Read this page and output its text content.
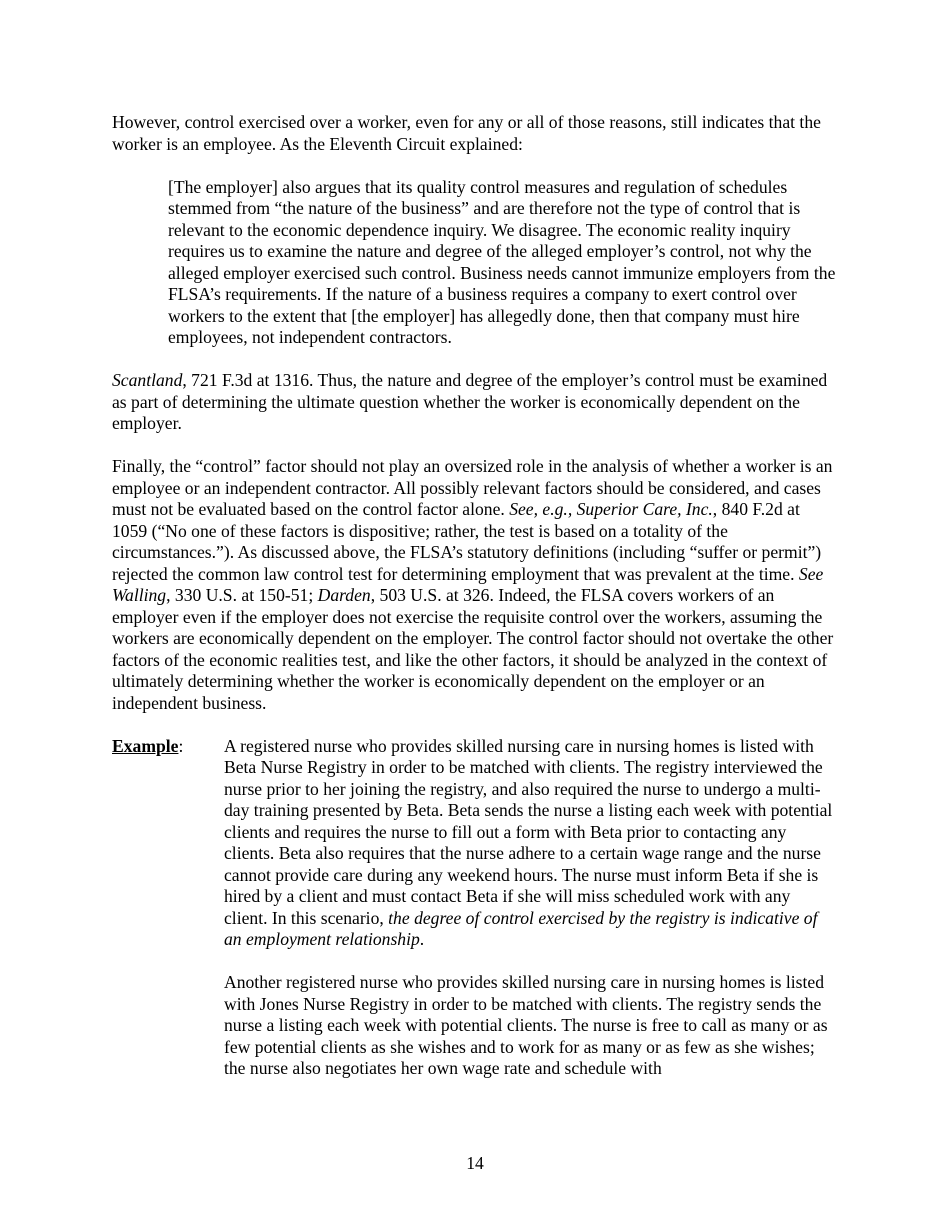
However, control exercised over a worker, even for any or all of those reasons, still indicates that the worker is an employee. As the Eleventh Circuit explained:

[The employer] also argues that its quality control measures and regulation of schedules stemmed from “the nature of the business” and are therefore not the type of control that is relevant to the economic dependence inquiry. We disagree. The economic reality inquiry requires us to examine the nature and degree of the alleged employer’s control, not why the alleged employer exercised such control. Business needs cannot immunize employers from the FLSA’s requirements. If the nature of a business requires a company to exert control over workers to the extent that [the employer] has allegedly done, then that company must hire employees, not independent contractors.

Scantland, 721 F.3d at 1316. Thus, the nature and degree of the employer’s control must be examined as part of determining the ultimate question whether the worker is economically dependent on the employer.

Finally, the “control” factor should not play an oversized role in the analysis of whether a worker is an employee or an independent contractor. All possibly relevant factors should be considered, and cases must not be evaluated based on the control factor alone. See, e.g., Superior Care, Inc., 840 F.2d at 1059 (“No one of these factors is dispositive; rather, the test is based on a totality of the circumstances.”). As discussed above, the FLSA’s statutory definitions (including “suffer or permit”) rejected the common law control test for determining employment that was prevalent at the time. See Walling, 330 U.S. at 150-51; Darden, 503 U.S. at 326. Indeed, the FLSA covers workers of an employer even if the employer does not exercise the requisite control over the workers, assuming the workers are economically dependent on the employer. The control factor should not overtake the other factors of the economic realities test, and like the other factors, it should be analyzed in the context of ultimately determining whether the worker is economically dependent on the employer or an independent business.

Example:	A registered nurse who provides skilled nursing care in nursing homes is listed with Beta Nurse Registry in order to be matched with clients. The registry interviewed the nurse prior to her joining the registry, and also required the nurse to undergo a multi-day training presented by Beta. Beta sends the nurse a listing each week with potential clients and requires the nurse to fill out a form with Beta prior to contacting any clients. Beta also requires that the nurse adhere to a certain wage range and the nurse cannot provide care during any weekend hours. The nurse must inform Beta if she is hired by a client and must contact Beta if she will miss scheduled work with any client. In this scenario, the degree of control exercised by the registry is indicative of an employment relationship.

Another registered nurse who provides skilled nursing care in nursing homes is listed with Jones Nurse Registry in order to be matched with clients. The registry sends the nurse a listing each week with potential clients. The nurse is free to call as many or as few potential clients as she wishes and to work for as many or as few as she wishes; the nurse also negotiates her own wage rate and schedule with

14
